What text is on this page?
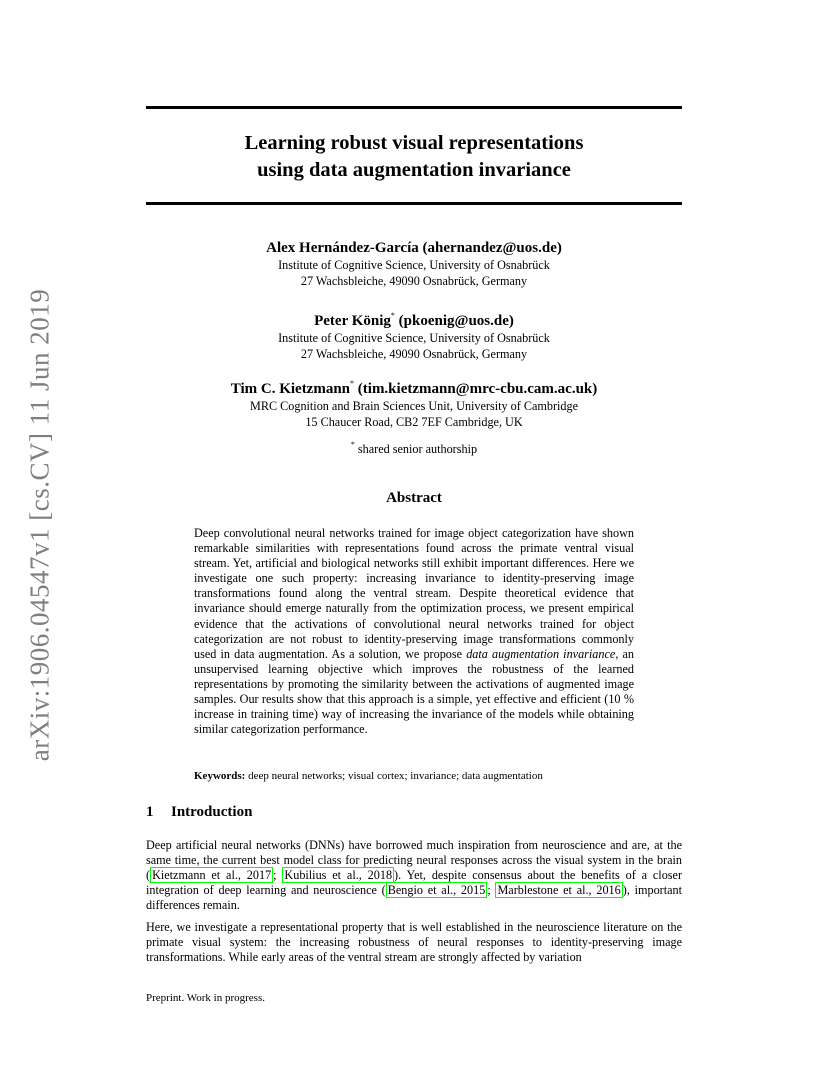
arXiv:1906.04547v1 [cs.CV] 11 Jun 2019
Learning robust visual representations
using data augmentation invariance
Alex Hernández-García (ahernandez@uos.de)
Institute of Cognitive Science, University of Osnabrück
27 Wachsbleiche, 49090 Osnabrück, Germany
Peter König* (pkoenig@uos.de)
Institute of Cognitive Science, University of Osnabrück
27 Wachsbleiche, 49090 Osnabrück, Germany
Tim C. Kietzmann* (tim.kietzmann@mrc-cbu.cam.ac.uk)
MRC Cognition and Brain Sciences Unit, University of Cambridge
15 Chaucer Road, CB2 7EF Cambridge, UK
* shared senior authorship
Abstract
Deep convolutional neural networks trained for image object categorization have shown remarkable similarities with representations found across the primate ventral visual stream. Yet, artificial and biological networks still exhibit important differences. Here we investigate one such property: increasing invariance to identity-preserving image transformations found along the ventral stream. Despite theoretical evidence that invariance should emerge naturally from the optimization process, we present empirical evidence that the activations of convolutional neural networks trained for object categorization are not robust to identity-preserving image transformations commonly used in data augmentation. As a solution, we propose data augmentation invariance, an unsupervised learning objective which improves the robustness of the learned representations by promoting the similarity between the activations of augmented image samples. Our results show that this approach is a simple, yet effective and efficient (10 % increase in training time) way of increasing the invariance of the models while obtaining similar categorization performance.
Keywords: deep neural networks; visual cortex; invariance; data augmentation
1 Introduction
Deep artificial neural networks (DNNs) have borrowed much inspiration from neuroscience and are, at the same time, the current best model class for predicting neural responses across the visual system in the brain ( Kietzmann et al., 2017 ; Kubilius et al., 2018 ). Yet, despite consensus about the benefits of a closer integration of deep learning and neuroscience ( Bengio et al., 2015 ; Marblestone et al., 2016 ), important differences remain.
Here, we investigate a representational property that is well established in the neuroscience literature on the primate visual system: the increasing robustness of neural responses to identity-preserving image transformations. While early areas of the ventral stream are strongly affected by variation
Preprint. Work in progress.
